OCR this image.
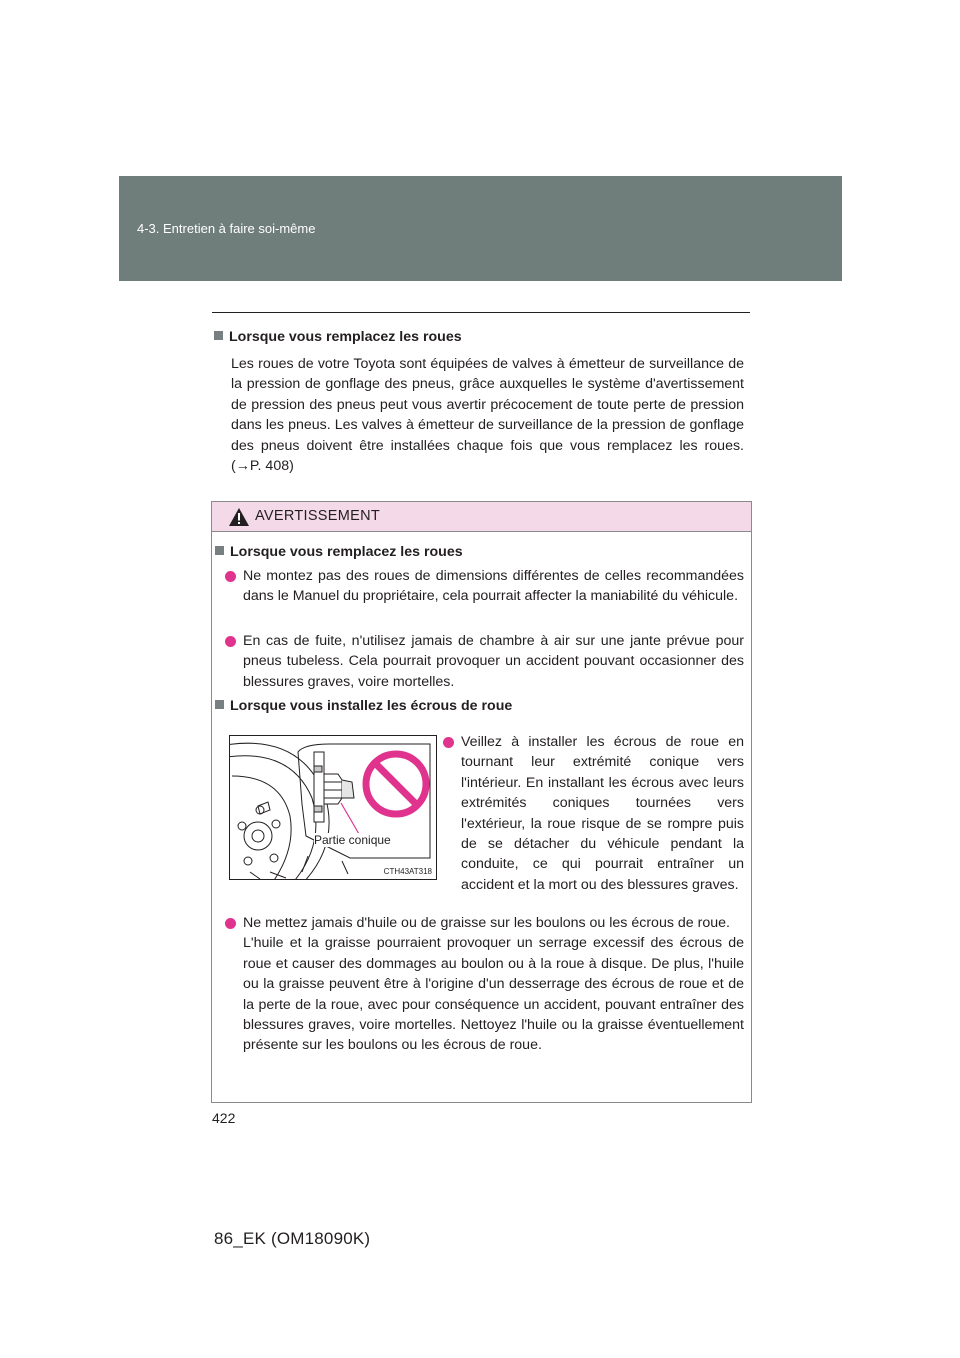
4-3. Entretien à faire soi-même
Lorsque vous remplacez les roues
Les roues de votre Toyota sont équipées de valves à émetteur de surveillance de la pression de gonflage des pneus, grâce auxquelles le système d'avertissement de pression des pneus peut vous avertir précocement de toute perte de pression dans les pneus. Les valves à émetteur de surveillance de la pression de gonflage des pneus doivent être installées chaque fois que vous remplacez les roues. (→P. 408)
AVERTISSEMENT
Lorsque vous remplacez les roues
Ne montez pas des roues de dimensions différentes de celles recommandées dans le Manuel du propriétaire, cela pourrait affecter la maniabilité du véhicule.
En cas de fuite, n'utilisez jamais de chambre à air sur une jante prévue pour pneus tubeless. Cela pourrait provoquer un accident pouvant occasionner des blessures graves, voire mortelles.
Lorsque vous installez les écrous de roue
Partie conique
CTH43AT318
Veillez à installer les écrous de roue en tournant leur extrémité conique vers l'intérieur. En installant les écrous avec leurs extrémités coniques tournées vers l'extérieur, la roue risque de se rompre puis de se détacher du véhicule pendant la conduite, ce qui pourrait entraîner un accident et la mort ou des blessures graves.
Ne mettez jamais d'huile ou de graisse sur les boulons ou les écrous de roue.
L'huile et la graisse pourraient provoquer un serrage excessif des écrous de roue et causer des dommages au boulon ou à la roue à disque. De plus, l'huile ou la graisse peuvent être à l'origine d'un desserrage des écrous de roue et de la perte de la roue, avec pour conséquence un accident, pouvant entraîner des blessures graves, voire mortelles. Nettoyez l'huile ou la graisse éventuellement présente sur les boulons ou les écrous de roue.
422
86_EK (OM18090K)
